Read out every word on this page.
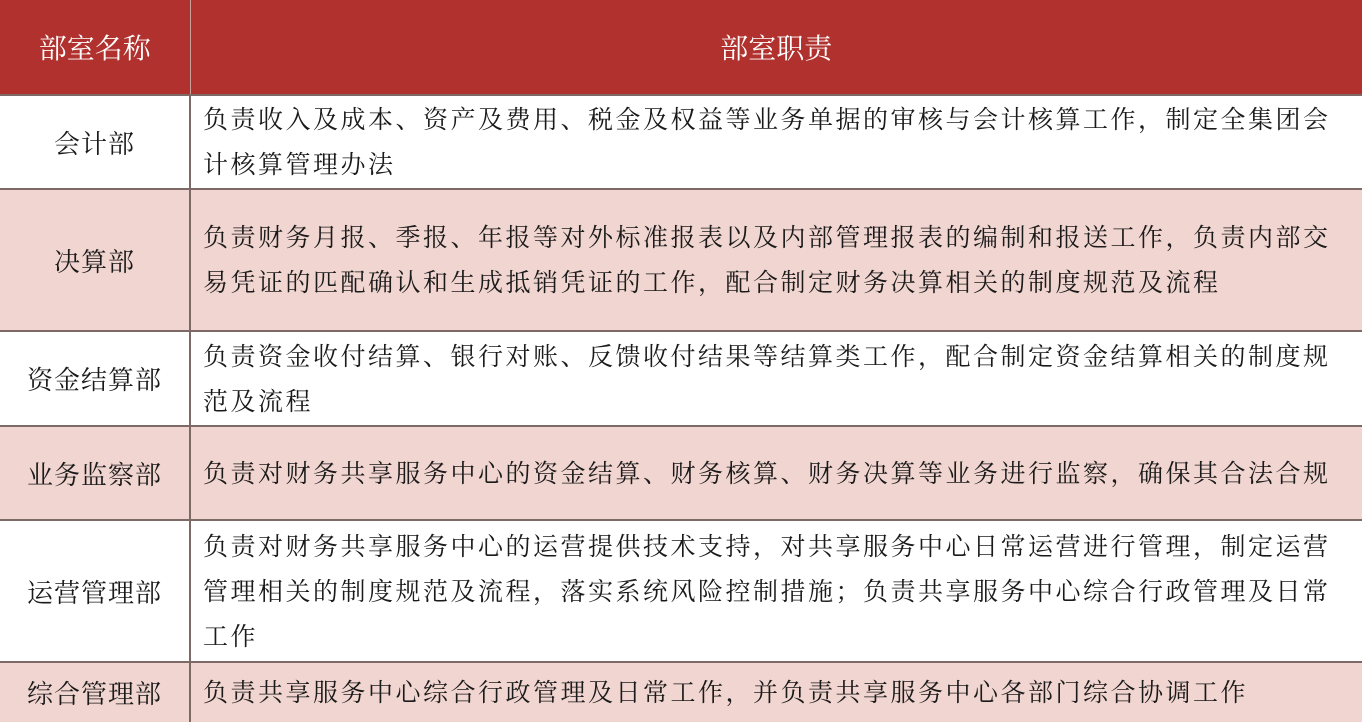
部室名称	部室职责
会计部	负责收入及成本、资产及费用、税金及权益等业务单据的审核与会计核算工作，制定全集团会计核算管理办法
决算部	负责财务月报、季报、年报等对外标准报表以及内部管理报表的编制和报送工作，负责内部交易凭证的匹配确认和生成抵销凭证的工作，配合制定财务决算相关的制度规范及流程
资金结算部	负责资金收付结算、银行对账、反馈收付结果等结算类工作，配合制定资金结算相关的制度规范及流程
业务监察部	负责对财务共享服务中心的资金结算、财务核算、财务决算等业务进行监察，确保其合法合规
运营管理部	负责对财务共享服务中心的运营提供技术支持，对共享服务中心日常运营进行管理，制定运营管理相关的制度规范及流程，落实系统风险控制措施；负责共享服务中心综合行政管理及日常工作
综合管理部	负责共享服务中心综合行政管理及日常工作，并负责共享服务中心各部门综合协调工作
